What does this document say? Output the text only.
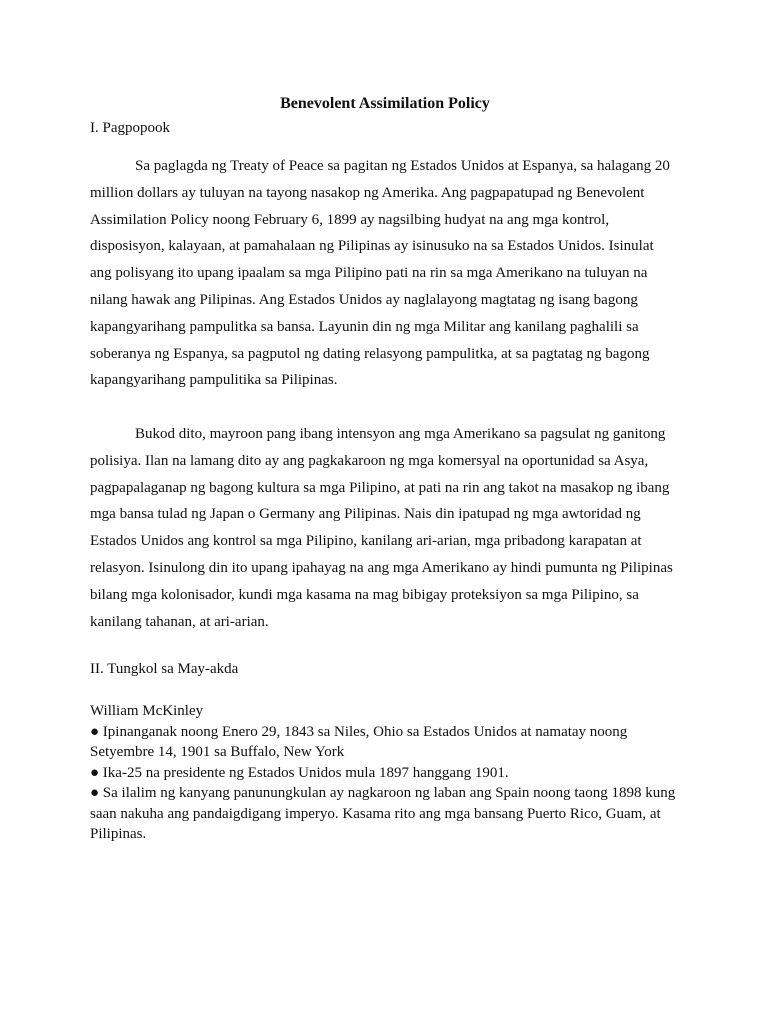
Benevolent Assimilation Policy
I. Pagpopook

Sa paglagda ng Treaty of Peace sa pagitan ng Estados Unidos at Espanya, sa halagang 20 million dollars ay tuluyan na tayong nasakop ng Amerika. Ang pagpapatupad ng Benevolent Assimilation Policy noong February 6, 1899 ay nagsilbing hudyat na ang mga kontrol, disposisyon, kalayaan, at pamahalaan ng Pilipinas ay isinusuko na sa Estados Unidos. Isinulat ang polisyang ito upang ipaalam sa mga Pilipino pati na rin sa mga Amerikano na tuluyan na nilang hawak ang Pilipinas. Ang Estados Unidos ay naglalayong magtatag ng isang bagong kapangyarihang pampulitka sa bansa. Layunin din ng mga Militar ang kanilang paghalili sa soberanya ng Espanya, sa pagputol ng dating relasyong pampulitka, at sa pagtatag ng bagong kapangyarihang pampulitika sa Pilipinas.

Bukod dito, mayroon pang ibang intensyon ang mga Amerikano sa pagsulat ng ganitong polisiya. Ilan na lamang dito ay ang pagkakaroon ng mga komersyal na oportunidad sa Asya, pagpapalaganap ng bagong kultura sa mga Pilipino, at pati na rin ang takot na masakop ng ibang mga bansa tulad ng Japan o Germany ang Pilipinas. Nais din ipatupad ng mga awtoridad ng Estados Unidos ang kontrol sa mga Pilipino, kanilang ari-arian, mga pribadong karapatan at relasyon. Isinulong din ito upang ipahayag na ang mga Amerikano ay hindi pumunta ng Pilipinas bilang mga kolonisador, kundi mga kasama na mag bibigay proteksiyon sa mga Pilipino, sa kanilang tahanan, at ari-arian.

II. Tungkol sa May-akda
William McKinley
● Ipinanganak noong Enero 29, 1843 sa Niles, Ohio sa Estados Unidos at namatay noong Setyembre 14, 1901 sa Buffalo, New York
● Ika-25 na presidente ng Estados Unidos mula 1897 hanggang 1901.
● Sa ilalim ng kanyang panunungkulan ay nagkaroon ng laban ang Spain noong taong 1898 kung saan nakuha ang pandaigdigang imperyo. Kasama rito ang mga bansang Puerto Rico, Guam, at Pilipinas.
